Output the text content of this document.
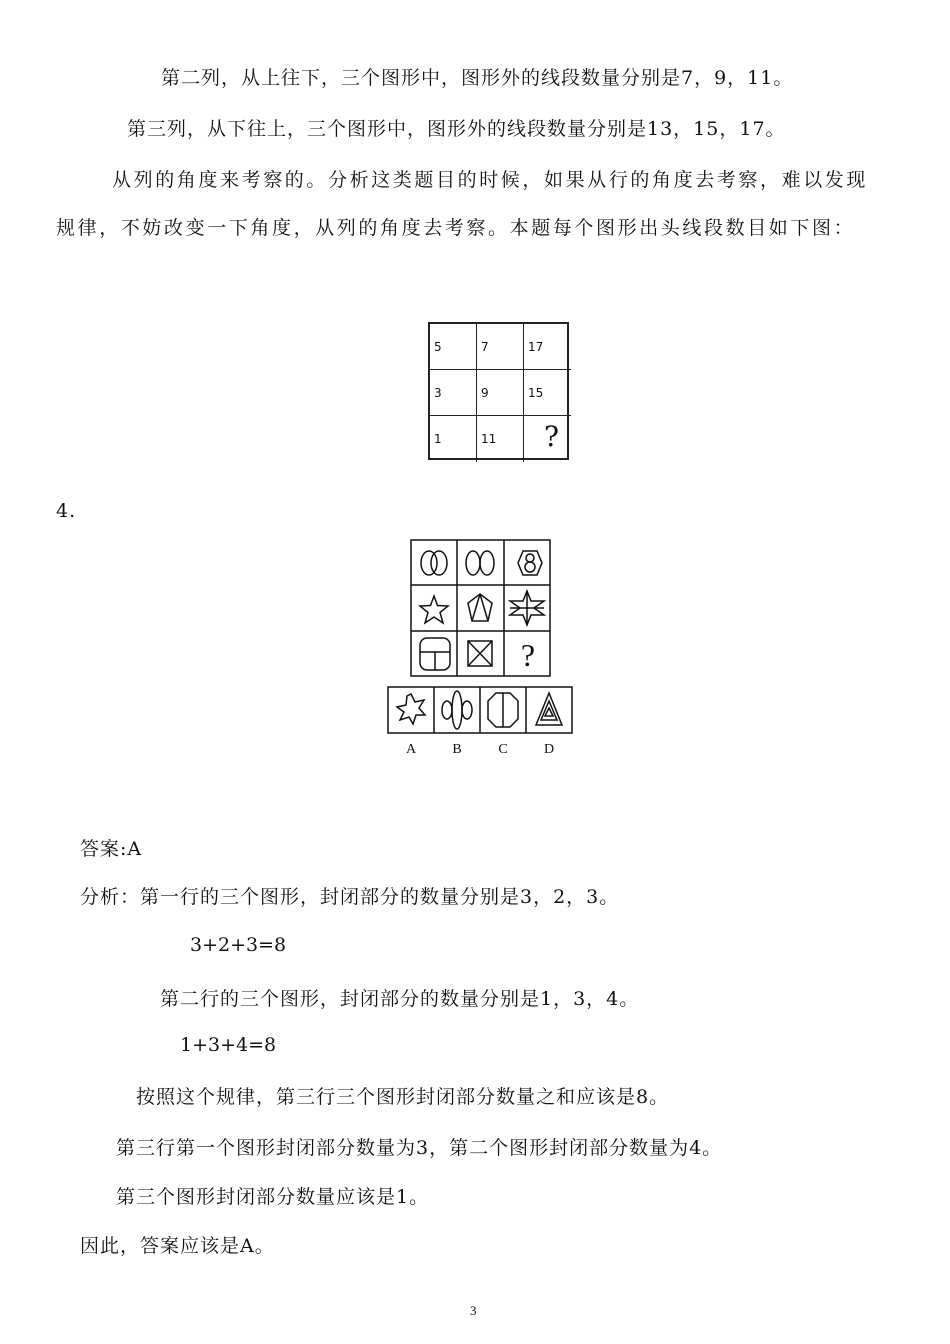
第二列，从上往下，三个图形中，图形外的线段数量分别是7，9，11。
第三列，从下往上，三个图形中，图形外的线段数量分别是13，15，17。
从列的角度来考察的。分析这类题目的时候，如果从行的角度去考察，难以发现
规律，不妨改变一下角度，从列的角度去考察。本题每个图形出头线段数目如下图：
5	7	17
3	9	15
1	11 ?
4.
?
A	B	C	D
答案:A
分析：第一行的三个图形，封闭部分的数量分别是3，2，3。
3+2+3=8
第二行的三个图形，封闭部分的数量分别是1，3，4。
1+3+4=8
按照这个规律，第三行三个图形封闭部分数量之和应该是8。
第三行第一个图形封闭部分数量为3，第二个图形封闭部分数量为4。
第三个图形封闭部分数量应该是1。
因此，答案应该是A。
3
